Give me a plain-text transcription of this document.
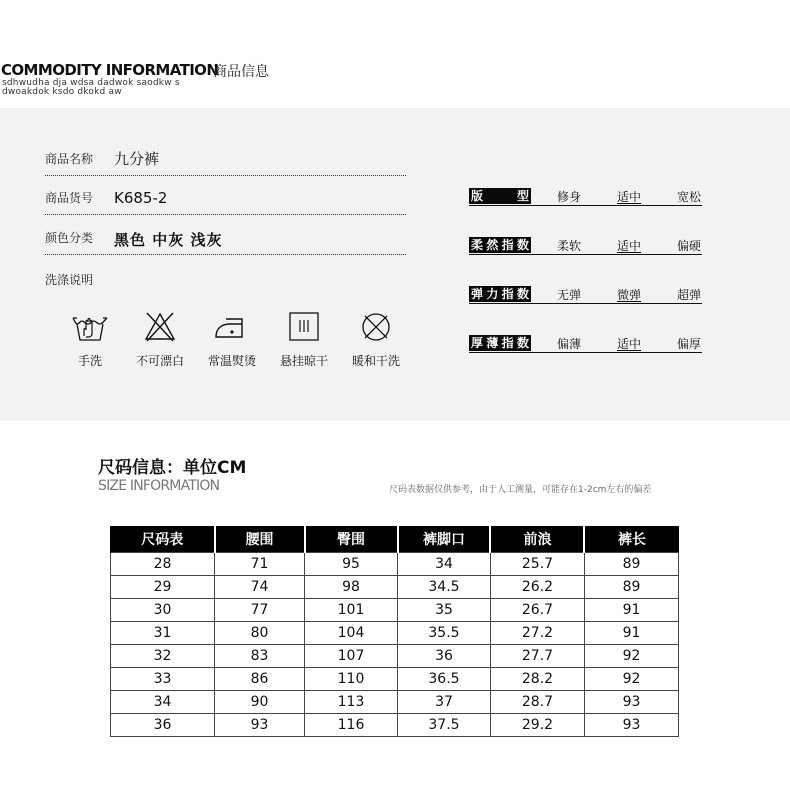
COMMODITY INFORMATION
商品信息
sdhwudha dja wdsa dadwok saodkw s
dwoakdok ksdo dkokd aw
商品名称 九分裤
商品货号 K685-2
颜色分类 黑色 中灰 浅灰
洗涤说明
手洗	不可漂白	常温熨烫	悬挂晾干	暖和干洗
版型	修身	适中	宽松
柔然指数	柔软	适中	偏硬
弹力指数	无弹	微弹	超弹
厚薄指数	偏薄	适中	偏厚
尺码信息：单位CM
SIZE INFORMATION	尺码表数据仅供参考，由于人工测量，可能存在1-2cm左右的偏差
尺码表	腰围	臀围	裤脚口	前浪	裤长
28	71	95	34	25.7	89
29	74	98	34.5	26.2	89
30	77	101	35	26.7	91
31	80	104	35.5	27.2	91
32	83	107	36	27.7	92
33	86	110	36.5	28.2	92
34	90	113	37	28.7	93
36	93	116	37.5	29.2	93
